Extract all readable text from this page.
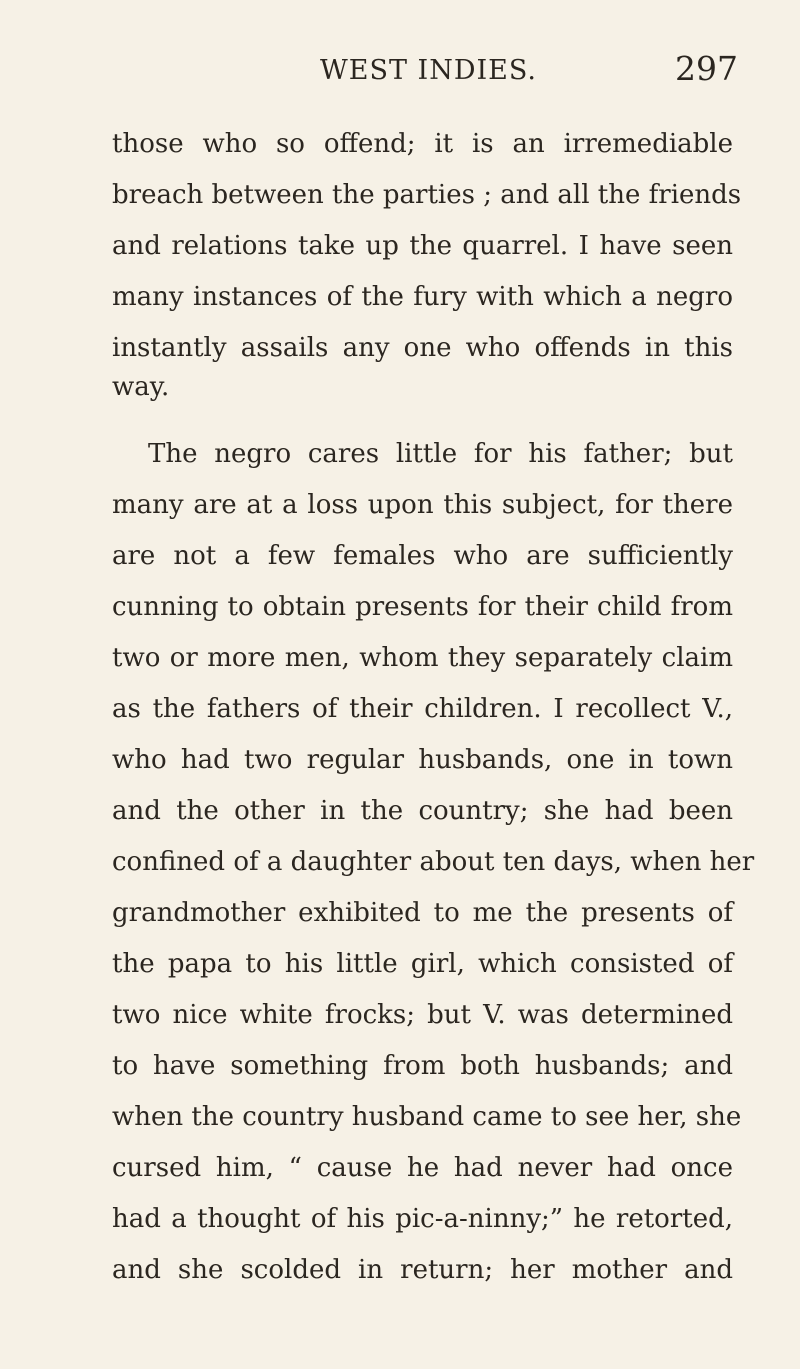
WEST INDIES.	297
those who so offend; it is an irremediable
breach between the parties ; and all the friends
and relations take up the quarrel. I have seen
many instances of the fury with which a negro
instantly assails any one who offends in this
way.
The negro cares little for his father; but
many are at a loss upon this subject, for there
are not a few females who are sufficiently
cunning to obtain presents for their child from
two or more men, whom they separately claim
as the fathers of their children. I recollect V.,
who had two regular husbands, one in town
and the other in the country; she had been
confined of a daughter about ten days, when her
grandmother exhibited to me the presents of
the papa to his little girl, which consisted of
two nice white frocks; but V. was determined
to have something from both husbands; and
when the country husband came to see her, she
cursed him, “ cause he had never had once
had a thought of his pic-a-ninny;” he retorted,
and she scolded in return; her mother and
